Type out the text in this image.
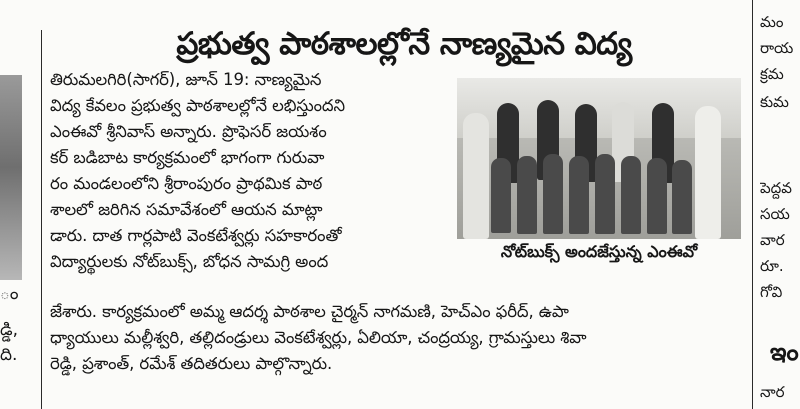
ం
డ్డి,
ది.
ప్రభుత్వ పాఠశాలల్లోనే నాణ్యమైన విద్య
తిరుమలగిరి(సాగర్), జూన్ 19: నాణ్యమైన
విద్య కేవలం ప్రభుత్వ పాఠశాలల్లోనే లభిస్తుందని
ఎంఈవో శ్రీనివాస్ అన్నారు. ప్రొఫెసర్ జయశం
కర్ బడిబాట కార్యక్రమంలో భాగంగా గురువా
రం మండలంలోని శ్రీరాంపురం ప్రాథమిక పాఠ
శాలలో జరిగిన సమావేశంలో ఆయన మాట్లా
డారు. దాత గార్లపాటి వెంకటేశ్వర్లు సహకారంతో
విద్యార్థులకు నోట్‌బుక్స్, బోధన సామగ్రి అంద
జేశారు. కార్యక్రమంలో అమ్మ ఆదర్శ పాఠశాల చైర్మన్ నాగమణి, హెచ్‌ఎం ఫరీద్, ఉపా
ధ్యాయులు మల్లీశ్వరి, తల్లిదండ్రులు వెంకటేశ్వర్లు, ఏలియా, చంద్రయ్య, గ్రామస్తులు శివా
రెడ్డి, ప్రశాంత్, రమేశ్ తదితరులు పాల్గొన్నారు.
నోట్‌బుక్స్ అందజేస్తున్న ఎంఈవో
మం
రాయ
క్రమ
కుమ
పెద్దవ
సయ
వార
రూ.
గోవి
ఇం
నార
